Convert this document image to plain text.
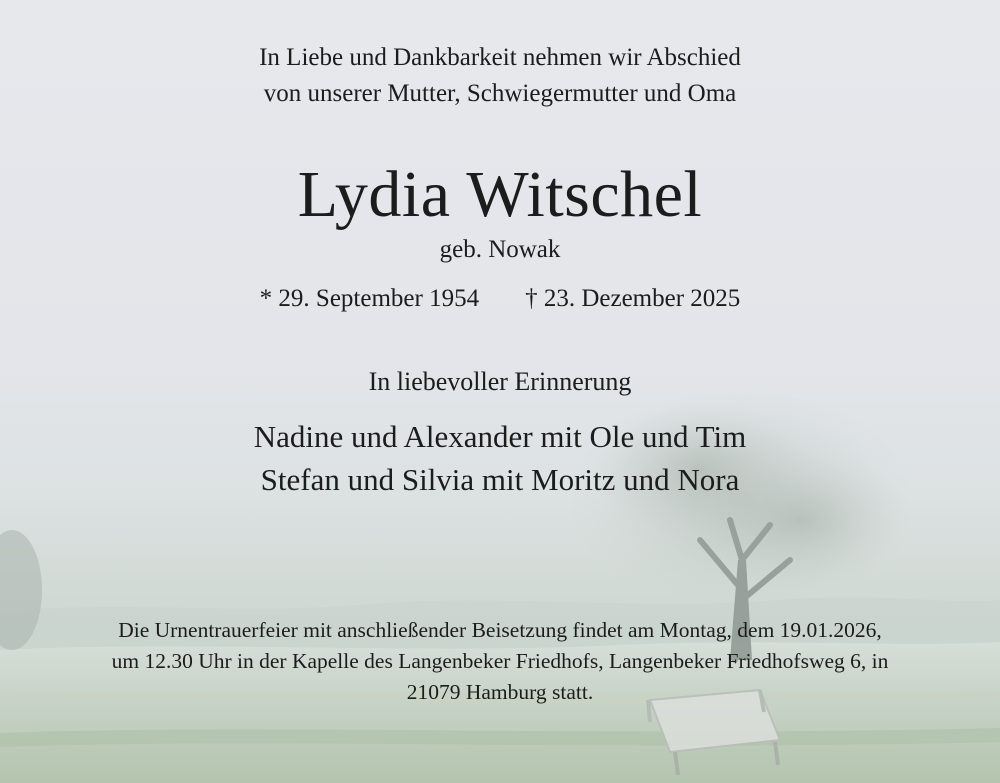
In Liebe und Dankbarkeit nehmen wir Abschied
von unserer Mutter, Schwiegermutter und Oma
Lydia Witschel
geb. Nowak
* 29. September 1954 † 23. Dezember 2025
In liebevoller Erinnerung
Nadine und Alexander mit Ole und Tim
Stefan und Silvia mit Moritz und Nora
Die Urnentrauerfeier mit anschließender Beisetzung findet am Montag, dem 19.01.2026,
um 12.30 Uhr in der Kapelle des Langenbeker Friedhofs, Langenbeker Friedhofsweg 6, in
21079 Hamburg statt.
